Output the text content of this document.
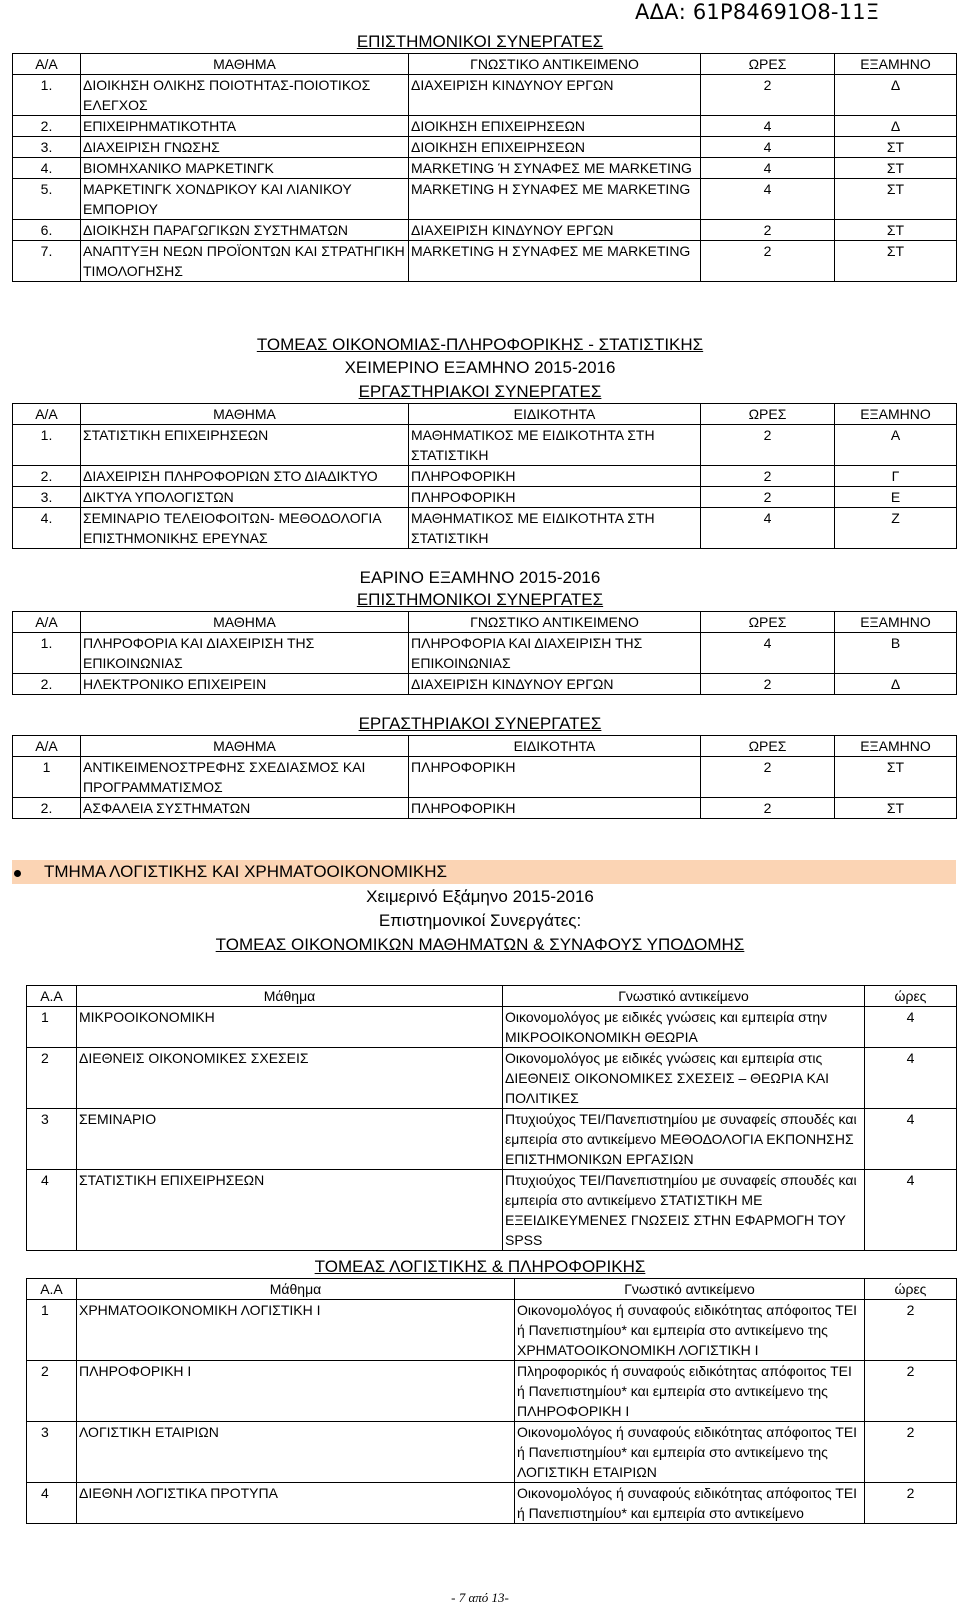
ΑΔΑ: 61Ρ84691Ο8-11Ξ
ΕΠΙΣΤΗΜΟΝΙΚΟΙ ΣΥΝΕΡΓΑΤΕΣ
Α/Α	ΜΑΘΗΜΑ	ΓΝΩΣΤΙΚΟ ΑΝΤΙΚΕΙΜΕΝΟ	ΩΡΕΣ	ΕΞΑΜΗΝΟ
1.	ΔΙΟΙΚΗΣΗ ΟΛΙΚΗΣ ΠΟΙΟΤΗΤΑΣ-ΠΟΙΟΤΙΚΟΣ ΕΛΕΓΧΟΣ	ΔΙΑΧΕΙΡΙΣΗ ΚΙΝΔΥΝΟΥ ΕΡΓΩΝ	2	Δ
2.	ΕΠΙΧΕΙΡΗΜΑΤΙΚΟΤΗΤΑ	ΔΙΟΙΚΗΣΗ ΕΠΙΧΕΙΡΗΣΕΩΝ	4	Δ
3.	ΔΙΑΧΕΙΡΙΣΗ ΓΝΩΣΗΣ	ΔΙΟΙΚΗΣΗ ΕΠΙΧΕΙΡΗΣΕΩΝ	4	ΣΤ
4.	ΒΙΟΜΗΧΑΝΙΚΟ ΜΑΡΚΕΤΙΝΓΚ	MARKETING Ή ΣΥΝΑΦΕΣ ΜΕ MARKETING	4	ΣΤ
5.	ΜΑΡΚΕΤΙΝΓΚ ΧΟΝΔΡΙΚΟΥ ΚΑΙ ΛΙΑΝΙΚΟΥ ΕΜΠΟΡΙΟΥ	MARKETING Η ΣΥΝΑΦΕΣ ΜΕ MARKETING	4	ΣΤ
6.	ΔΙΟΙΚΗΣΗ ΠΑΡΑΓΩΓΙΚΩΝ ΣΥΣΤΗΜΑΤΩΝ	ΔΙΑΧΕΙΡΙΣΗ ΚΙΝΔΥΝΟΥ ΕΡΓΩΝ	2	ΣΤ
7.	ΑΝΑΠΤΥΞΗ ΝΕΩΝ ΠΡΟΪΟΝΤΩΝ ΚΑΙ ΣΤΡΑΤΗΓΙΚΗ ΤΙΜΟΛΟΓΗΣΗΣ	MARKETING Η ΣΥΝΑΦΕΣ ΜΕ MARKETING	2	ΣΤ
ΤΟΜΕΑΣ ΟΙΚΟΝΟΜΙΑΣ-ΠΛΗΡΟΦΟΡΙΚΗΣ - ΣΤΑΤΙΣΤΙΚΗΣ
ΧΕΙΜΕΡΙΝΟ ΕΞΑΜΗΝΟ 2015-2016
ΕΡΓΑΣΤΗΡΙΑΚΟΙ ΣΥΝΕΡΓΑΤΕΣ
Α/Α	ΜΑΘΗΜΑ	ΕΙΔΙΚΟΤΗΤΑ	ΩΡΕΣ	ΕΞΑΜΗΝΟ
1.	ΣΤΑΤΙΣΤΙΚΗ ΕΠΙΧΕΙΡΗΣΕΩΝ	ΜΑΘΗΜΑΤΙΚΟΣ ΜΕ ΕΙΔΙΚΟΤΗΤΑ ΣΤΗ ΣΤΑΤΙΣΤΙΚΗ	2	Α
2.	ΔΙΑΧΕΙΡΙΣΗ ΠΛΗΡΟΦΟΡΙΩΝ ΣΤΟ ΔΙΑΔΙΚΤΥΟ	ΠΛΗΡΟΦΟΡΙΚΗ	2	Γ
3.	ΔΙΚΤΥΑ ΥΠΟΛΟΓΙΣΤΩΝ	ΠΛΗΡΟΦΟΡΙΚΗ	2	Ε
4.	ΣΕΜΙΝΑΡΙΟ ΤΕΛΕΙΟΦΟΙΤΩΝ- ΜΕΘΟΔΟΛΟΓΙΑ ΕΠΙΣΤΗΜΟΝΙΚΗΣ ΕΡΕΥΝΑΣ	ΜΑΘΗΜΑΤΙΚΟΣ ΜΕ ΕΙΔΙΚΟΤΗΤΑ ΣΤΗ ΣΤΑΤΙΣΤΙΚΗ	4	Ζ
ΕΑΡΙΝΟ ΕΞΑΜΗΝΟ 2015-2016
ΕΠΙΣΤΗΜΟΝΙΚΟΙ ΣΥΝΕΡΓΑΤΕΣ
Α/Α	ΜΑΘΗΜΑ	ΓΝΩΣΤΙΚΟ ΑΝΤΙΚΕΙΜΕΝΟ	ΩΡΕΣ	ΕΞΑΜΗΝΟ
1.	ΠΛΗΡΟΦΟΡΙΑ ΚΑΙ ΔΙΑΧΕΙΡΙΣΗ ΤΗΣ ΕΠΙΚΟΙΝΩΝΙΑΣ	ΠΛΗΡΟΦΟΡΙΑ ΚΑΙ ΔΙΑΧΕΙΡΙΣΗ ΤΗΣ ΕΠΙΚΟΙΝΩΝΙΑΣ	4	Β
2.	ΗΛΕΚΤΡΟΝΙΚΟ ΕΠΙΧΕΙΡΕΙΝ	ΔΙΑΧΕΙΡΙΣΗ ΚΙΝΔΥΝΟΥ ΕΡΓΩΝ	2	Δ
ΕΡΓΑΣΤΗΡΙΑΚΟΙ ΣΥΝΕΡΓΑΤΕΣ
Α/Α	ΜΑΘΗΜΑ	ΕΙΔΙΚΟΤΗΤΑ	ΩΡΕΣ	ΕΞΑΜΗΝΟ
1	ΑΝΤΙΚΕΙΜΕΝΟΣΤΡΕΦΗΣ ΣΧΕΔΙΑΣΜΟΣ ΚΑΙ ΠΡΟΓΡΑΜΜΑΤΙΣΜΟΣ	ΠΛΗΡΟΦΟΡΙΚΗ	2	ΣΤ
2.	ΑΣΦΑΛΕΙΑ ΣΥΣΤΗΜΑΤΩΝ	ΠΛΗΡΟΦΟΡΙΚΗ	2	ΣΤ
ΤΜΗΜΑ ΛΟΓΙΣΤΙΚΗΣ ΚΑΙ ΧΡΗΜΑΤΟΟΙΚΟΝΟΜΙΚΗΣ
Χειμερινό Εξάμηνο 2015-2016
Επιστημονικοί Συνεργάτες:
ΤΟΜΕΑΣ ΟΙΚΟΝΟΜΙΚΩΝ ΜΑΘΗΜΑΤΩΝ & ΣΥΝΑΦΟΥΣ ΥΠΟΔΟΜΗΣ
Α.Α	Μάθημα	Γνωστικό αντικείμενο	ώρες
1	ΜΙΚΡΟΟΙΚΟΝΟΜΙΚΗ	Οικονομολόγος με ειδικές γνώσεις και εμπειρία στην ΜΙΚΡΟΟΙΚΟΝΟΜΙΚΗ ΘΕΩΡΙΑ	4
2	ΔΙΕΘΝΕΙΣ ΟΙΚΟΝΟΜΙΚΕΣ ΣΧΕΣΕΙΣ	Οικονομολόγος με ειδικές γνώσεις και εμπειρία στις ΔΙΕΘΝΕΙΣ ΟΙΚΟΝΟΜΙΚΕΣ ΣΧΕΣΕΙΣ – ΘΕΩΡΙΑ ΚΑΙ ΠΟΛΙΤΙΚΕΣ	4
3	ΣΕΜΙΝΑΡΙΟ	Πτυχιούχος ΤΕΙ/Πανεπιστημίου με συναφείς σπουδές και εμπειρία στο αντικείμενο ΜΕΘΟΔΟΛΟΓΙΑ ΕΚΠΟΝΗΣΗΣ ΕΠΙΣΤΗΜΟΝΙΚΩΝ ΕΡΓΑΣΙΩΝ	4
4	ΣΤΑΤΙΣΤΙΚΗ ΕΠΙΧΕΙΡΗΣΕΩΝ	Πτυχιούχος ΤΕΙ/Πανεπιστημίου με συναφείς σπουδές και εμπειρία στο αντικείμενο ΣΤΑΤΙΣΤΙΚΗ ΜΕ ΕΞΕΙΔΙΚΕΥΜΕΝΕΣ ΓΝΩΣΕΙΣ ΣΤΗΝ ΕΦΑΡΜΟΓΗ ΤΟΥ SPSS	4
ΤΟΜΕΑΣ ΛΟΓΙΣΤΙΚΗΣ & ΠΛΗΡΟΦΟΡΙΚΗΣ
Α.Α	Μάθημα	Γνωστικό αντικείμενο	ώρες
1	ΧΡΗΜΑΤΟΟΙΚΟΝΟΜΙΚΗ ΛΟΓΙΣΤΙΚΗ Ι	Οικονομολόγος ή συναφούς ειδικότητας απόφοιτος ΤΕΙ ή Πανεπιστημίου* και εμπειρία στο αντικείμενο της ΧΡΗΜΑΤΟΟΙΚΟΝΟΜΙΚΗ ΛΟΓΙΣΤΙΚΗ Ι	2
2	ΠΛΗΡΟΦΟΡΙΚΗ Ι	Πληροφορικός ή συναφούς ειδικότητας απόφοιτος ΤΕΙ ή Πανεπιστημίου* και εμπειρία στο αντικείμενο της ΠΛΗΡΟΦΟΡΙΚΗ Ι	2
3	ΛΟΓΙΣΤΙΚΗ ΕΤΑΙΡΙΩΝ	Οικονομολόγος ή συναφούς ειδικότητας απόφοιτος ΤΕΙ ή Πανεπιστημίου* και εμπειρία στο αντικείμενο της ΛΟΓΙΣΤΙΚΗ ΕΤΑΙΡΙΩΝ	2
4	ΔΙΕΘΝΗ ΛΟΓΙΣΤΙΚΑ ΠΡΟΤΥΠΑ	Οικονομολόγος ή συναφούς ειδικότητας απόφοιτος ΤΕΙ ή Πανεπιστημίου* και εμπειρία στο αντικείμενο	2
- 7 από 13-
